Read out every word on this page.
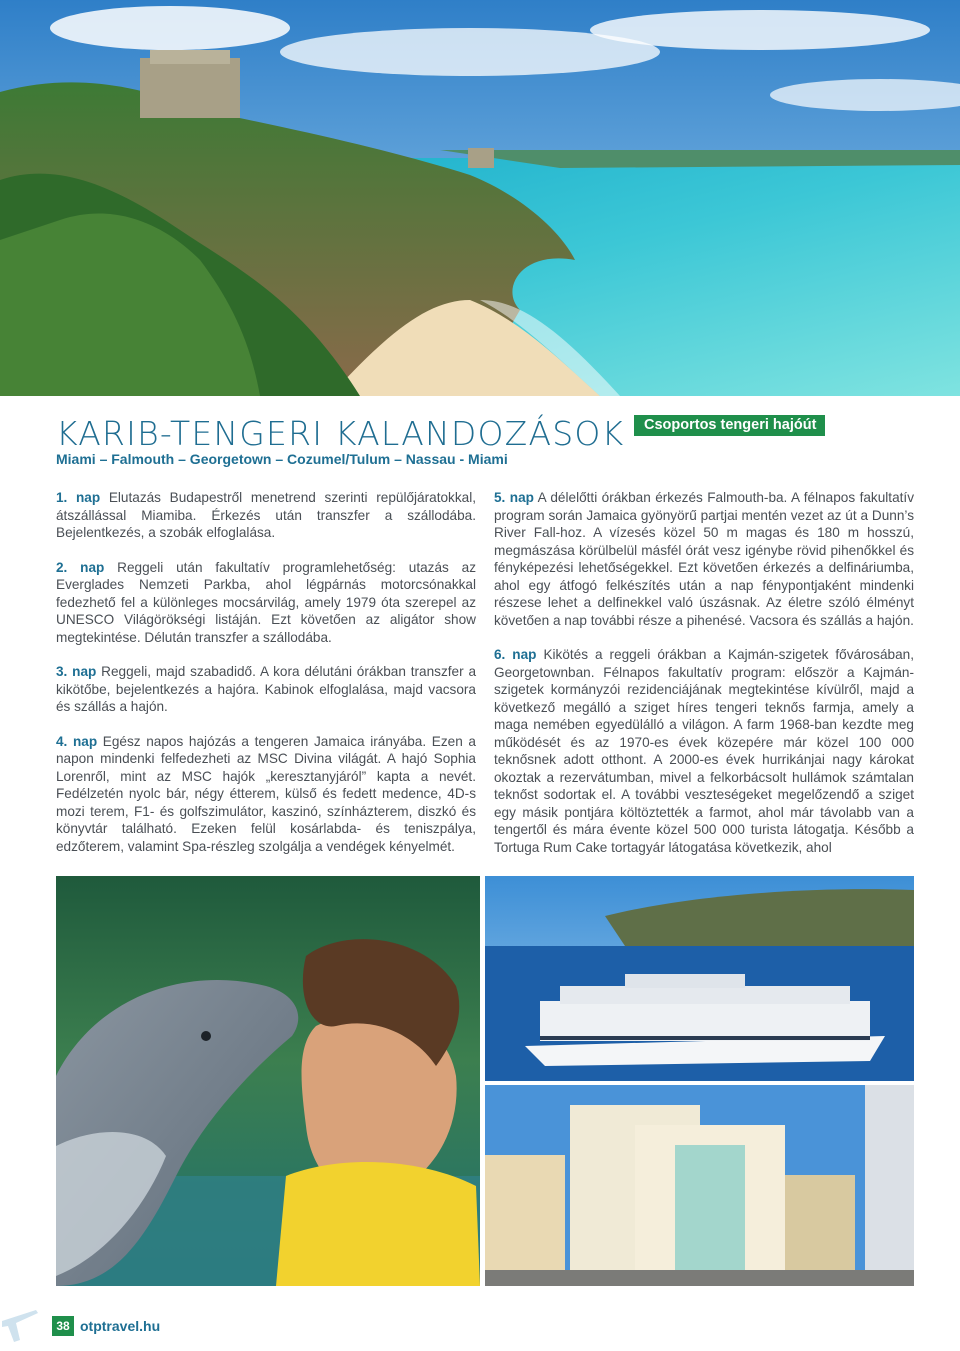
KARIB-TENGERI KALANDOZÁSOK
Miami – Falmouth – Georgetown – Cozumel/Tulum – Nassau - Miami
Csoportos tengeri hajóút

1. nap Elutazás Budapestről menetrend szerinti repülőjáratokkal, átszállással Miamiba. Érkezés után transzfer a szállodába. Bejelentkezés, a szobák elfoglalása.

2. nap Reggeli után fakultatív programlehetőség: utazás az Everglades Nemzeti Parkba, ahol légpárnás motorcsónakkal fedezhető fel a különleges mocsárvilág, amely 1979 óta szerepel az UNESCO Világörökségi listáján. Ezt követően az aligátor show megtekintése. Délután transzfer a szállodába.

3. nap Reggeli, majd szabadidő. A kora délutáni órákban transzfer a kikötőbe, bejelentkezés a hajóra. Kabinok elfoglalása, majd vacsora és szállás a hajón.

4. nap Egész napos hajózás a tengeren Jamaica irányába. Ezen a napon mindenki felfedezheti az MSC Divina világát. A hajó Sophia Lorenről, mint az MSC hajók „keresztanyjáról” kapta a nevét. Fedélzetén nyolc bár, négy étterem, külső és fedett medence, 4D-s mozi terem, F1- és golfszimulátor, kaszinó, színházterem, diszkó és könyvtár található. Ezeken felül kosárlabda- és teniszpálya, edzőterem, valamint Spa-részleg szolgálja a vendégek kényelmét.

5. nap A délelőtti órákban érkezés Falmouth-ba. A félnapos fakultatív program során Jamaica gyönyörű partjai mentén vezet az út a Dunn’s River Fall-hoz. A vízesés közel 50 m magas és 180 m hosszú, megmászása körülbelül másfél órát vesz igénybe rövid pihenőkkel és fényképezési lehetőségekkel. Ezt követően érkezés a delfináriumba, ahol egy átfogó felkészítés után a nap fénypontjaként mindenki részese lehet a delfinekkel való úszásnak. Az életre szóló élményt követően a nap további része a pihenésé. Vacsora és szállás a hajón.

6. nap Kikötés a reggeli órákban a Kajmán-szigetek fővárosában, Georgetownban. Félnapos fakultatív program: először a Kajmán-szigetek kormányzói rezidenciájának megtekintése kívülről, majd a következő megálló a sziget híres tengeri teknős farmja, amely a maga nemében egyedülálló a világon. A farm 1968-ban kezdte meg működését és az 1970-es évek közepére már közel 100 000 teknősnek adott otthont. A 2000-es évek hurrikánjai nagy károkat okoztak a rezervátumban, mivel a felkorbácsolt hullámok számtalan teknőst sodortak el. A további veszteségeket megelőzendő a sziget egy másik pontjára költöztették a farmot, ahol már távolabb van a tengertől és mára évente közel 500 000 turista látogatja. Később a Tortuga Rum Cake tortagyár látogatása következik, ahol

38 otptravel.hu
